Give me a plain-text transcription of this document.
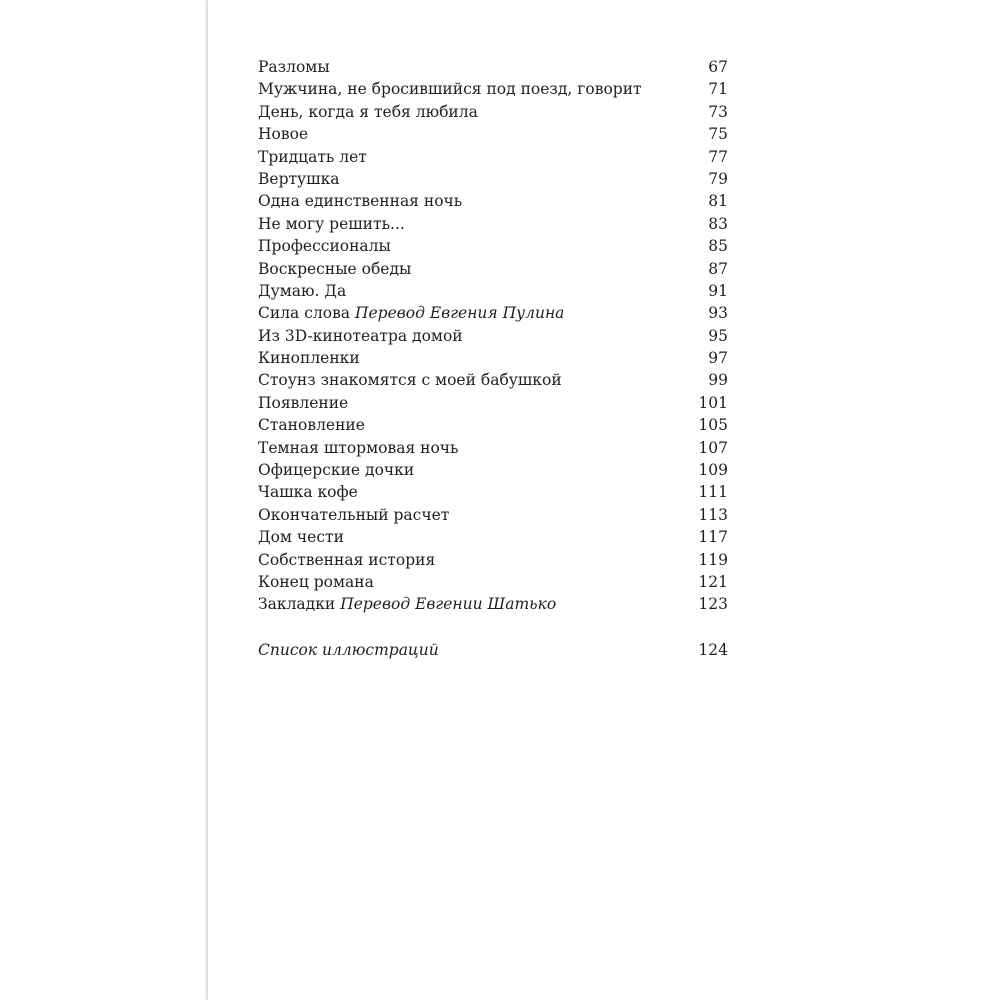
Разломы	67
Мужчина, не бросившийся под поезд, говорит	71
День, когда я тебя любила	73
Новое	75
Тридцать лет	77
Вертушка	79
Одна единственная ночь	81
Не могу решить...	83
Профессионалы	85
Воскресные обеды	87
Думаю. Да	91
Сила слова Перевод Евгения Пулина	93
Из 3D-кинотеатра домой	95
Кинопленки	97
Стоунз знакомятся с моей бабушкой	99
Появление	101
Становление	105
Темная штормовая ночь	107
Офицерские дочки	109
Чашка кофе	111
Окончательный расчет	113
Дом чести	117
Собственная история	119
Конец романа	121
Закладки Перевод Евгении Шатько	123
Список иллюстраций	124
